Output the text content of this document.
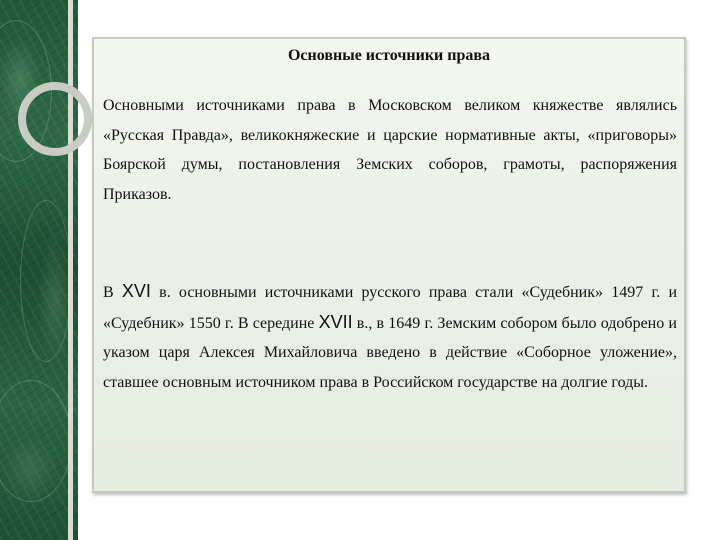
Основные источники права

Основными источниками права в Московском великом княжестве являлись «Русская Правда», великокняжеские и царские нормативные акты, «приговоры» Боярской думы, постановления Земских соборов, грамоты, распоряжения Приказов.

В XVI в. основными источниками русского права стали «Судебник» 1497 г. и «Судебник» 1550 г. В середине XVII в., в 1649 г. Земским собором было одобрено и указом царя Алексея Михайловича введено в действие «Соборное уложение», ставшее основным источником права в Российском государстве на долгие годы.
